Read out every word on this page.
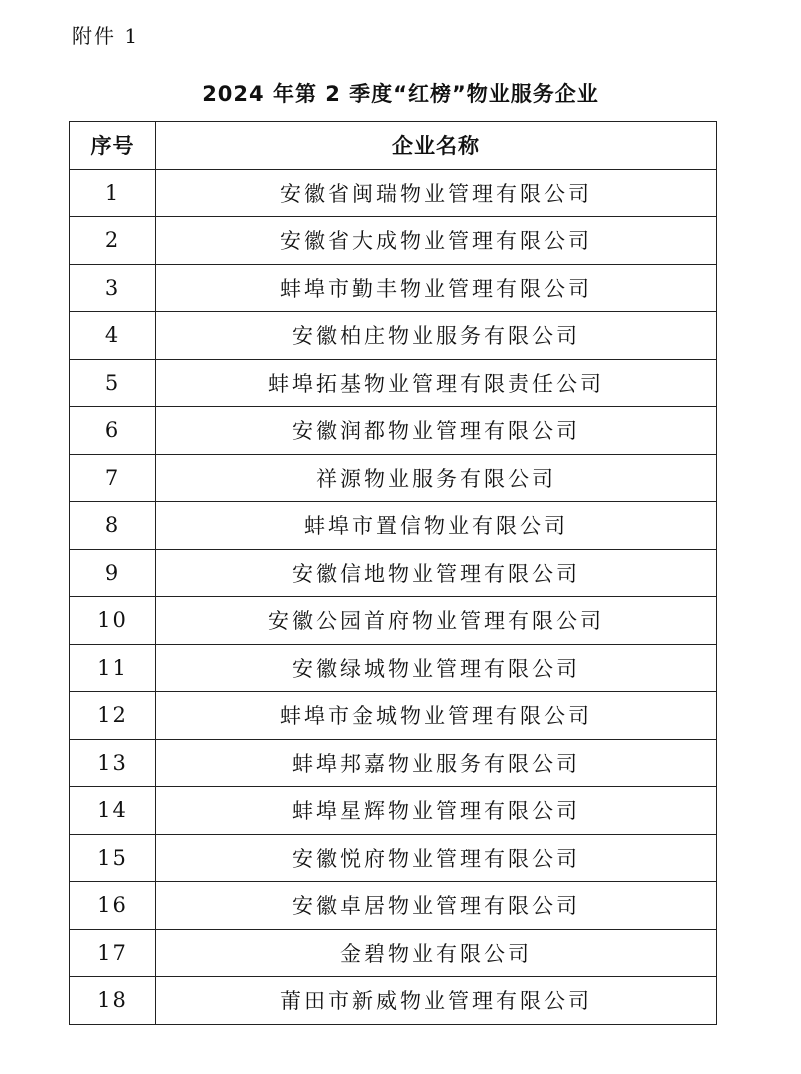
附件 1
2024 年第 2 季度“红榜”物业服务企业
序号	企业名称
1	安徽省闽瑞物业管理有限公司
2	安徽省大成物业管理有限公司
3	蚌埠市勤丰物业管理有限公司
4	安徽柏庄物业服务有限公司
5	蚌埠拓基物业管理有限责任公司
6	安徽润都物业管理有限公司
7	祥源物业服务有限公司
8	蚌埠市置信物业有限公司
9	安徽信地物业管理有限公司
10	安徽公园首府物业管理有限公司
11	安徽绿城物业管理有限公司
12	蚌埠市金城物业管理有限公司
13	蚌埠邦嘉物业服务有限公司
14	蚌埠星辉物业管理有限公司
15	安徽悦府物业管理有限公司
16	安徽卓居物业管理有限公司
17	金碧物业有限公司
18	莆田市新威物业管理有限公司
